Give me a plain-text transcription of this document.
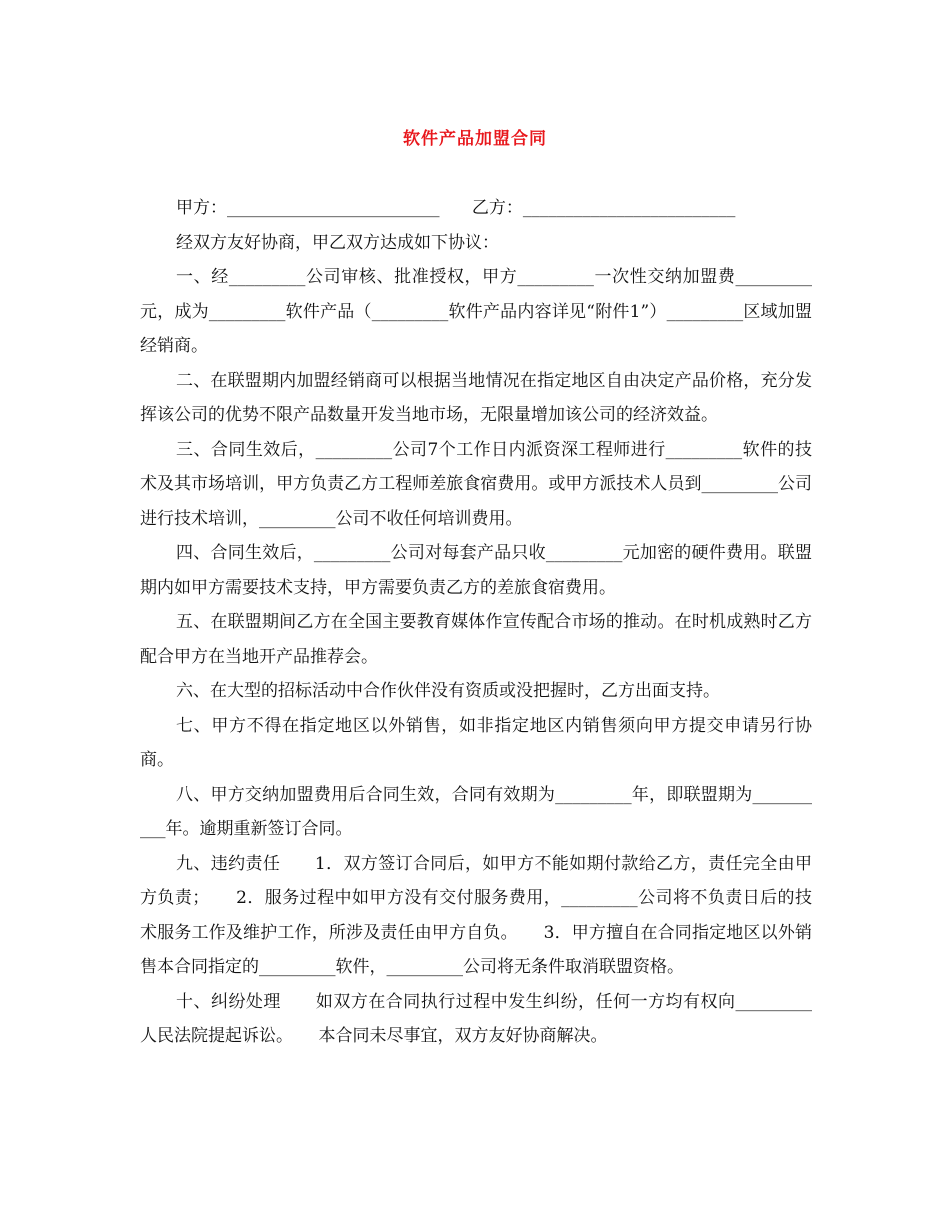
软件产品加盟合同

甲方：_________________________      乙方：_________________________

经双方友好协商，甲乙双方达成如下协议：

一、经_________公司审核、批准授权，甲方_________一次性交纳加盟费_________元，成为_________软件产品（_________软件产品内容详见“附件1”）_________区域加盟经销商。

二、在联盟期内加盟经销商可以根据当地情况在指定地区自由决定产品价格，充分发挥该公司的优势不限产品数量开发当地市场，无限量增加该公司的经济效益。

三、合同生效后，_________公司7个工作日内派资深工程师进行_________软件的技术及其市场培训，甲方负责乙方工程师差旅食宿费用。或甲方派技术人员到_________公司进行技术培训，_________公司不收任何培训费用。

四、合同生效后，_________公司对每套产品只收_________元加密的硬件费用。联盟期内如甲方需要技术支持，甲方需要负责乙方的差旅食宿费用。

五、在联盟期间乙方在全国主要教育媒体作宣传配合市场的推动。在时机成熟时乙方配合甲方在当地开产品推荐会。

六、在大型的招标活动中合作伙伴没有资质或没把握时，乙方出面支持。

七、甲方不得在指定地区以外销售，如非指定地区内销售须向甲方提交申请另行协商。

八、甲方交纳加盟费用后合同生效，合同有效期为_________年，即联盟期为__________年。逾期重新签订合同。

九、违约责任　　1．双方签订合同后，如甲方不能如期付款给乙方，责任完全由甲方负责；　　2．服务过程中如甲方没有交付服务费用，_________公司将不负责日后的技术服务工作及维护工作，所涉及责任由甲方自负。　　3．甲方擅自在合同指定地区以外销售本合同指定的_________软件，_________公司将无条件取消联盟资格。

十、纠纷处理　　如双方在合同执行过程中发生纠纷，任何一方均有权向_________人民法院提起诉讼。　　本合同未尽事宜，双方友好协商解决。
